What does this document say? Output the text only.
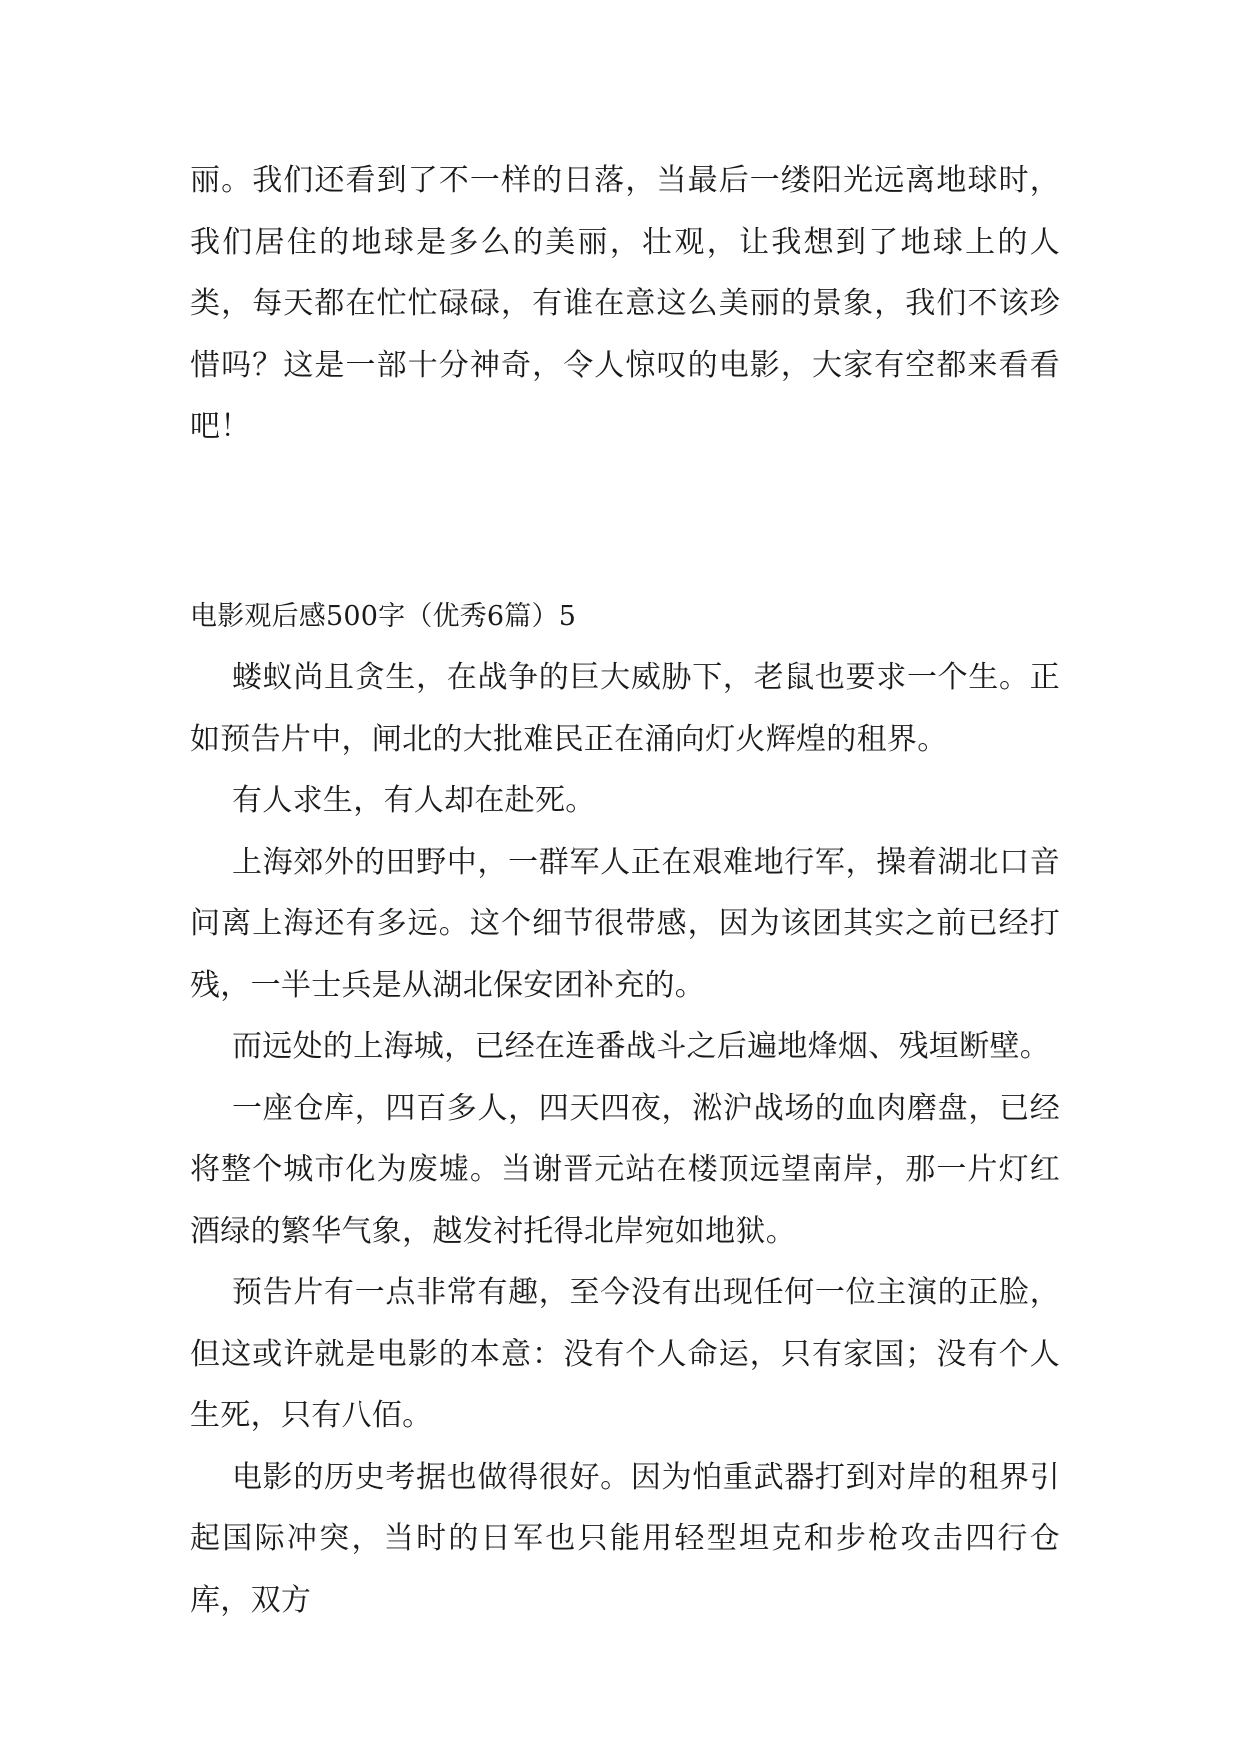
丽。我们还看到了不一样的日落，当最后一缕阳光远离地球时，我们居住的地球是多么的美丽，壮观，让我想到了地球上的人类，每天都在忙忙碌碌，有谁在意这么美丽的景象，我们不该珍惜吗？这是一部十分神奇，令人惊叹的电影，大家有空都来看看吧！

电影观后感500字（优秀6篇）5

蝼蚁尚且贪生，在战争的巨大威胁下，老鼠也要求一个生。正如预告片中，闸北的大批难民正在涌向灯火辉煌的租界。

有人求生，有人却在赴死。

上海郊外的田野中，一群军人正在艰难地行军，操着湖北口音问离上海还有多远。这个细节很带感，因为该团其实之前已经打残，一半士兵是从湖北保安团补充的。

而远处的上海城，已经在连番战斗之后遍地烽烟、残垣断壁。

一座仓库，四百多人，四天四夜，淞沪战场的血肉磨盘，已经将整个城市化为废墟。当谢晋元站在楼顶远望南岸，那一片灯红酒绿的繁华气象，越发衬托得北岸宛如地狱。

预告片有一点非常有趣，至今没有出现任何一位主演的正脸，但这或许就是电影的本意：没有个人命运，只有家国；没有个人生死，只有八佰。

电影的历史考据也做得很好。因为怕重武器打到对岸的租界引起国际冲突，当时的日军也只能用轻型坦克和步枪攻击四行仓库，双方
